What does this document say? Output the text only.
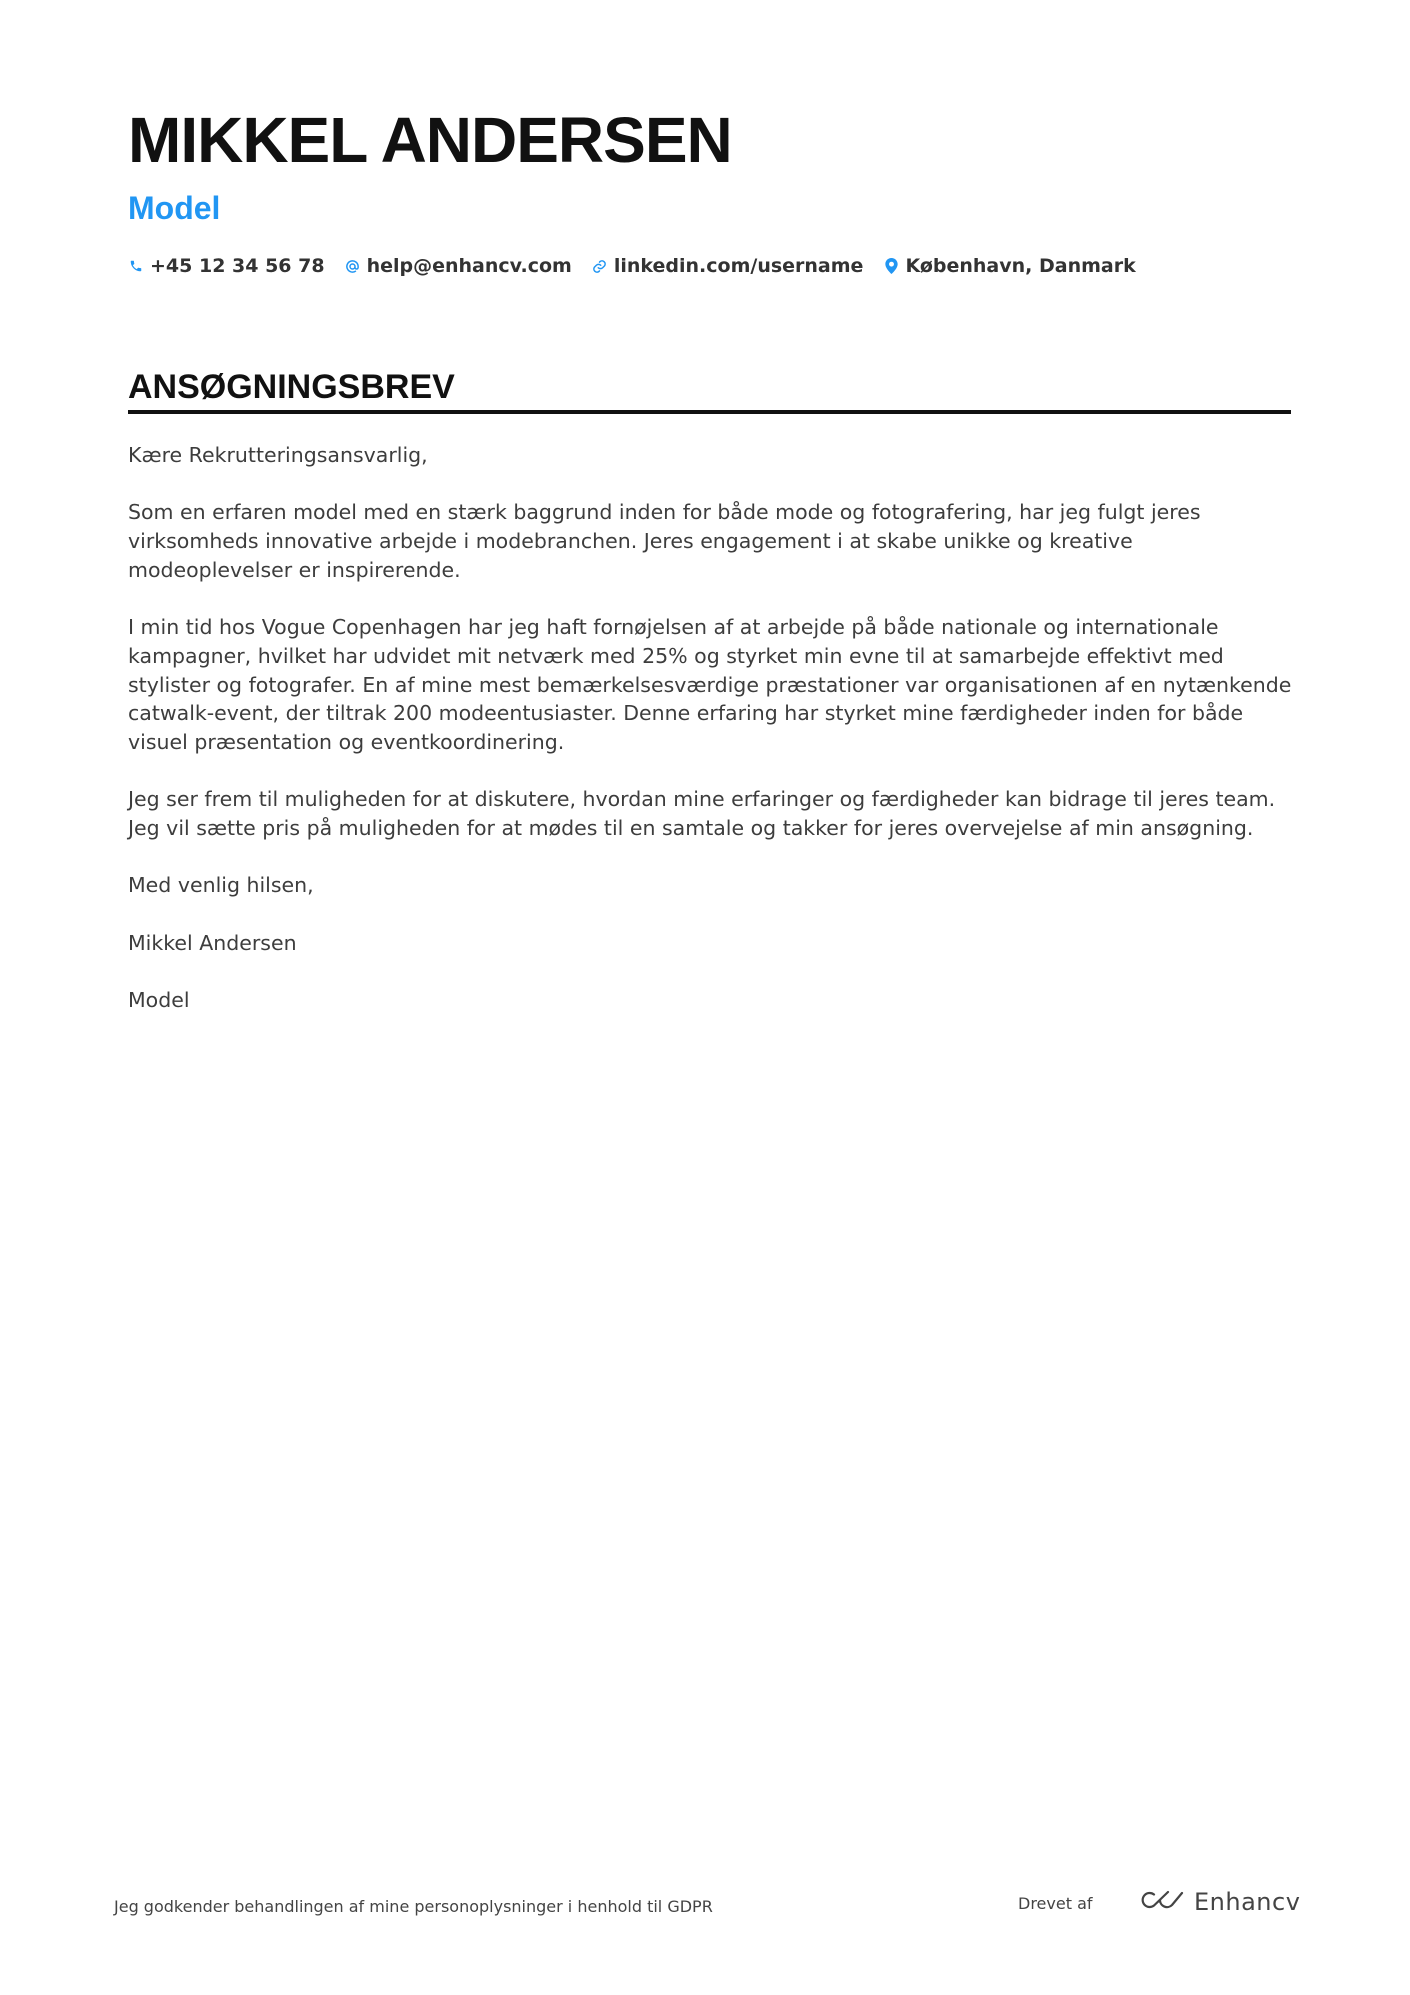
MIKKEL ANDERSEN
Model
+45 12 34 56 78 help@enhancv.com linkedin.com/username København, Danmark
ANSØGNINGSBREV

Kære Rekrutteringsansvarlig,

Som en erfaren model med en stærk baggrund inden for både mode og fotografering, har jeg fulgt jeres virksomheds innovative arbejde i modebranchen. Jeres engagement i at skabe unikke og kreative modeoplevelser er inspirerende.

I min tid hos Vogue Copenhagen har jeg haft fornøjelsen af at arbejde på både nationale og internationale kampagner, hvilket har udvidet mit netværk med 25% og styrket min evne til at samarbejde effektivt med stylister og fotografer. En af mine mest bemærkelsesværdige præstationer var organisationen af en nytænkende catwalk-event, der tiltrak 200 modeentusiaster. Denne erfaring har styrket mine færdigheder inden for både visuel præsentation og eventkoordinering.

Jeg ser frem til muligheden for at diskutere, hvordan mine erfaringer og færdigheder kan bidrage til jeres team. Jeg vil sætte pris på muligheden for at mødes til en samtale og takker for jeres overvejelse af min ansøgning.

Med venlig hilsen,

Mikkel Andersen

Model

Jeg godkender behandlingen af mine personoplysninger i henhold til GDPR	Drevet af	Enhancv
